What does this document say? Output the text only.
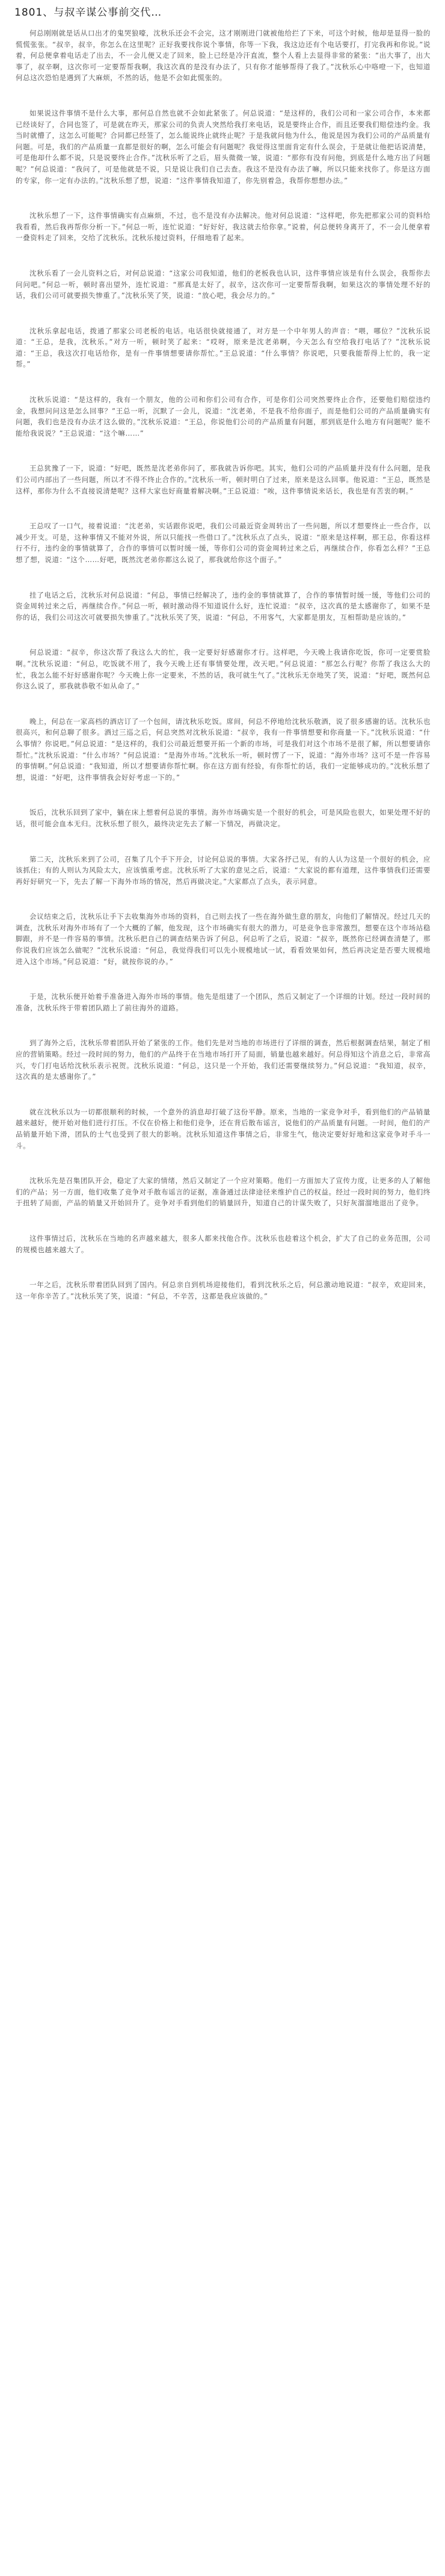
1801、与叔辛谋公事前交代…

何总刚刚就是话从口出才的鬼哭狼嚎，沈秋乐还会不会完，这才刚刚进门就被他给拦了下来，可这个时候，他却是显得一脸的慌慌张张。“叔辛，叔辛，你怎么在这里呢？正好我要找你说个事情，你等一下我，我这边还有个电话要打，打完我再和你说。”说着，何总便拿着电话走了出去，不一会儿便又走了回来，脸上已经是冷汗直流，整个人看上去显得非常的紧张：“出大事了，出大事了，叔辛啊，这次你可一定要帮帮我啊，我这次真的是没有办法了，只有你才能够帮得了我了。”沈秋乐心中咯噔一下，也知道何总这次恐怕是遇到了大麻烦，不然的话，他是不会如此慌张的。

如果说这件事情不是什么大事，那何总自然也就不会如此紧张了。何总说道：“是这样的，我们公司和一家公司合作，本来都已经谈好了，合同也签了，可是就在昨天，那家公司的负责人突然给我打来电话，说是要终止合作，而且还要我们赔偿违约金。我当时就懵了，这怎么可能呢？合同都已经签了，怎么能说终止就终止呢？于是我就问他为什么，他说是因为我们公司的产品质量有问题。可是，我们的产品质量一直都是很好的啊，怎么可能会有问题呢？我觉得这里面肯定有什么误会，于是就让他把话说清楚，可是他却什么都不说，只是说要终止合作。”沈秋乐听了之后，眉头微微一皱，说道：“那你有没有问他，到底是什么地方出了问题呢？”何总说道：“我问了，可是他就是不说，只是说让我们自己去查。我这不是没有办法了嘛，所以只能来找你了。你是这方面的专家，你一定有办法的。”沈秋乐想了想，说道：“这件事情我知道了，你先别着急，我帮你想想办法。”

沈秋乐想了一下，这件事情确实有点麻烦，不过，也不是没有办法解决。他对何总说道：“这样吧，你先把那家公司的资料给我看看，然后我再帮你分析一下。”何总一听，连忙说道：“好好好，我这就去给你拿。”说着，何总便转身离开了，不一会儿便拿着一叠资料走了回来，交给了沈秋乐。沈秋乐接过资料，仔细地看了起来。

沈秋乐看了一会儿资料之后，对何总说道：“这家公司我知道，他们的老板我也认识，这件事情应该是有什么误会，我帮你去问问吧。”何总一听，顿时喜出望外，连忙说道：“那真是太好了，叔辛，这次你可一定要帮帮我啊，如果这次的事情处理不好的话，我们公司可就要损失惨重了。”沈秋乐笑了笑，说道：“放心吧，我会尽力的。”

沈秋乐拿起电话，拨通了那家公司老板的电话。电话很快就接通了，对方是一个中年男人的声音：“喂，哪位？”沈秋乐说道：“王总，是我，沈秋乐。”对方一听，顿时笑了起来：“哎呀，原来是沈老弟啊，今天怎么有空给我打电话了？”沈秋乐说道：“王总，我这次打电话给你，是有一件事情想要请你帮忙。”王总说道：“什么事情？你说吧，只要我能帮得上忙的，我一定帮。”

沈秋乐说道：“是这样的，我有一个朋友，他的公司和你们公司有合作，可是你们公司突然要终止合作，还要他们赔偿违约金，我想问问这是怎么回事？”王总一听，沉默了一会儿，说道：“沈老弟，不是我不给你面子，而是他们公司的产品质量确实有问题，我们也是没有办法才这么做的。”沈秋乐说道：“王总，你说他们公司的产品质量有问题，那到底是什么地方有问题呢？能不能给我说说？”王总说道：“这个嘛……”

王总犹豫了一下，说道：“好吧，既然是沈老弟你问了，那我就告诉你吧。其实，他们公司的产品质量并没有什么问题，是我们公司内部出了一些问题，所以才不得不终止合作的。”沈秋乐一听，顿时明白了过来，原来是这么回事。他说道：“王总，既然是这样，那你为什么不直接说清楚呢？这样大家也好商量着解决啊。”王总说道：“唉，这件事情说来话长，我也是有苦衷的啊。”

王总叹了一口气，接着说道：“沈老弟，实话跟你说吧，我们公司最近资金周转出了一些问题，所以才想要终止一些合作，以减少开支。可是，这种事情又不能对外说，所以只能找一些借口了。”沈秋乐点了点头，说道：“原来是这样啊，那王总，你看这样行不行，违约金的事情就算了，合作的事情可以暂时缓一缓，等你们公司的资金周转过来之后，再继续合作，你看怎么样？”王总想了想，说道：“这个……好吧，既然沈老弟你都这么说了，那我就给你这个面子。”

挂了电话之后，沈秋乐对何总说道：“何总，事情已经解决了，违约金的事情就算了，合作的事情暂时缓一缓，等他们公司的资金周转过来之后，再继续合作。”何总一听，顿时激动得不知道说什么好，连忙说道：“叔辛，这次真的是太感谢你了，如果不是你的话，我们公司这次可就要损失惨重了。”沈秋乐笑了笑，说道：“何总，不用客气，大家都是朋友，互相帮助是应该的。”

何总说道：“叔辛，你这次帮了我这么大的忙，我一定要好好感谢你才行。这样吧，今天晚上我请你吃饭，你可一定要赏脸啊。”沈秋乐说道：“何总，吃饭就不用了，我今天晚上还有事情要处理，改天吧。”何总说道：“那怎么行呢？你帮了我这么大的忙，我怎么能不好好感谢你呢？今天晚上你一定要来，不然的话，我可就生气了。”沈秋乐无奈地笑了笑，说道：“好吧，既然何总你这么说了，那我就恭敬不如从命了。”

晚上，何总在一家高档的酒店订了一个包间，请沈秋乐吃饭。席间，何总不停地给沈秋乐敬酒，说了很多感谢的话。沈秋乐也很高兴，和何总聊了很多。酒过三巡之后，何总突然对沈秋乐说道：“叔辛，我有一件事情想要和你商量一下。”沈秋乐说道：“什么事情？你说吧。”何总说道：“是这样的，我们公司最近想要开拓一个新的市场，可是我们对这个市场不是很了解，所以想要请你帮忙。”沈秋乐说道：“什么市场？”何总说道：“是海外市场。”沈秋乐一听，顿时愣了一下，说道：“海外市场？这可不是一件容易的事情啊。”何总说道：“我知道，所以才想要请你帮忙啊。你在这方面有经验，有你帮忙的话，我们一定能够成功的。”沈秋乐想了想，说道：“好吧，这件事情我会好好考虑一下的。”

饭后，沈秋乐回到了家中，躺在床上想着何总说的事情。海外市场确实是一个很好的机会，可是风险也很大，如果处理不好的话，很可能会血本无归。沈秋乐想了很久，最终决定先去了解一下情况，再做决定。

第二天，沈秋乐来到了公司，召集了几个手下开会，讨论何总说的事情。大家各抒己见，有的人认为这是一个很好的机会，应该抓住；有的人则认为风险太大，应该慎重考虑。沈秋乐听了大家的意见之后，说道：“大家说的都有道理，这件事情我们还需要再好好研究一下，先去了解一下海外市场的情况，然后再做决定。”大家都点了点头，表示同意。

会议结束之后，沈秋乐让手下去收集海外市场的资料，自己则去找了一些在海外做生意的朋友，向他们了解情况。经过几天的调查，沈秋乐对海外市场有了一个大概的了解，他发现，这个市场确实有很大的潜力，可是竞争也非常激烈，想要在这个市场站稳脚跟，并不是一件容易的事情。沈秋乐把自己的调查结果告诉了何总，何总听了之后，说道：“叔辛，既然你已经调查清楚了，那你说我们应该怎么做呢？”沈秋乐说道：“何总，我觉得我们可以先小规模地试一试，看看效果如何，然后再决定是否要大规模地进入这个市场。”何总说道：“好，就按你说的办。”

于是，沈秋乐便开始着手准备进入海外市场的事情。他先是组建了一个团队，然后又制定了一个详细的计划。经过一段时间的准备，沈秋乐终于带着团队踏上了前往海外的道路。

到了海外之后，沈秋乐带着团队开始了紧张的工作。他们先是对当地的市场进行了详细的调查，然后根据调查结果，制定了相应的营销策略。经过一段时间的努力，他们的产品终于在当地市场打开了局面，销量也越来越好。何总得知这个消息之后，非常高兴，专门打电话给沈秋乐表示祝贺。沈秋乐说道：“何总，这只是一个开始，我们还需要继续努力。”何总说道：“我知道，叔辛，这次真的是太感谢你了。”

就在沈秋乐以为一切都很顺利的时候，一个意外的消息却打破了这份平静。原来，当地的一家竞争对手，看到他们的产品销量越来越好，便开始对他们进行打压。不仅在价格上和他们竞争，还在背后散布谣言，说他们的产品质量有问题。一时间，他们的产品销量开始下滑，团队的士气也受到了很大的影响。沈秋乐知道这件事情之后，非常生气，他决定要好好地和这家竞争对手斗一斗。

沈秋乐先是召集团队开会，稳定了大家的情绪，然后又制定了一个应对策略。他们一方面加大了宣传力度，让更多的人了解他们的产品；另一方面，他们收集了竞争对手散布谣言的证据，准备通过法律途径来维护自己的权益。经过一段时间的努力，他们终于扭转了局面，产品的销量又开始回升了。竞争对手看到他们的销量回升，知道自己的计谋失败了，只好灰溜溜地退出了竞争。

这件事情过后，沈秋乐在当地的名声越来越大，很多人都来找他合作。沈秋乐也趁着这个机会，扩大了自己的业务范围，公司的规模也越来越大了。

一年之后，沈秋乐带着团队回到了国内。何总亲自到机场迎接他们，看到沈秋乐之后，何总激动地说道：“叔辛，欢迎回来，这一年你辛苦了。”沈秋乐笑了笑，说道：“何总，不辛苦，这都是我应该做的。”
